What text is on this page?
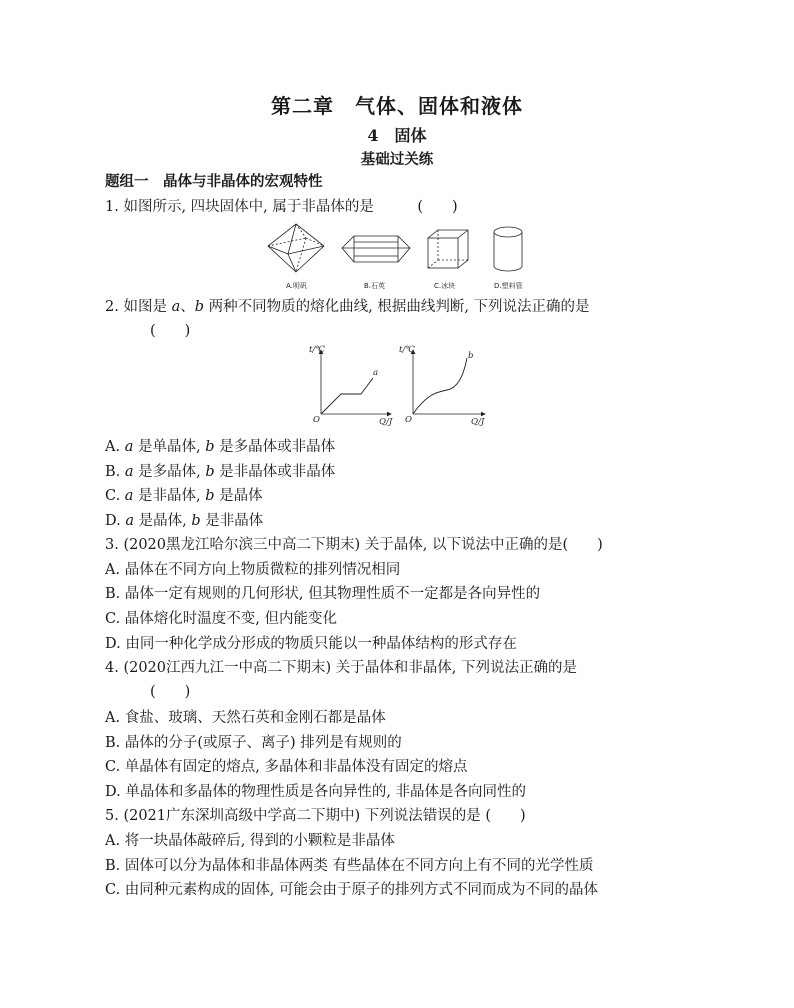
第二章　气体、固体和液体
4　固体
基础过关练
题组一　晶体与非晶体的宏观特性
1. 如图所示, 四块固体中, 属于非晶体的是　　　(　　)
A.明矾	B.石英	C.冰块	D.塑料管
2. 如图是 a、b 两种不同物质的熔化曲线, 根据曲线判断, 下列说法正确的是
(　　)
t/℃
Q/J
O
a
t/℃
Q/J
O
b
A. a 是单晶体, b 是多晶体或非晶体
B. a 是多晶体, b 是非晶体或非晶体
C. a 是非晶体, b 是晶体
D. a 是晶体, b 是非晶体
3. (2020黑龙江哈尔滨三中高二下期末) 关于晶体, 以下说法中正确的是(　　)
A. 晶体在不同方向上物质微粒的排列情况相同
B. 晶体一定有规则的几何形状, 但其物理性质不一定都是各向异性的
C. 晶体熔化时温度不变, 但内能变化
D. 由同一种化学成分形成的物质只能以一种晶体结构的形式存在
4. (2020江西九江一中高二下期末) 关于晶体和非晶体, 下列说法正确的是
(　　)
A. 食盐、玻璃、天然石英和金刚石都是晶体
B. 晶体的分子(或原子、离子) 排列是有规则的
C. 单晶体有固定的熔点, 多晶体和非晶体没有固定的熔点
D. 单晶体和多晶体的物理性质是各向异性的, 非晶体是各向同性的
5. (2021广东深圳高级中学高二下期中) 下列说法错误的是 (　　)
A. 将一块晶体敲碎后, 得到的小颗粒是非晶体
B. 固体可以分为晶体和非晶体两类 有些晶体在不同方向上有不同的光学性质
C. 由同种元素构成的固体, 可能会由于原子的排列方式不同而成为不同的晶体
